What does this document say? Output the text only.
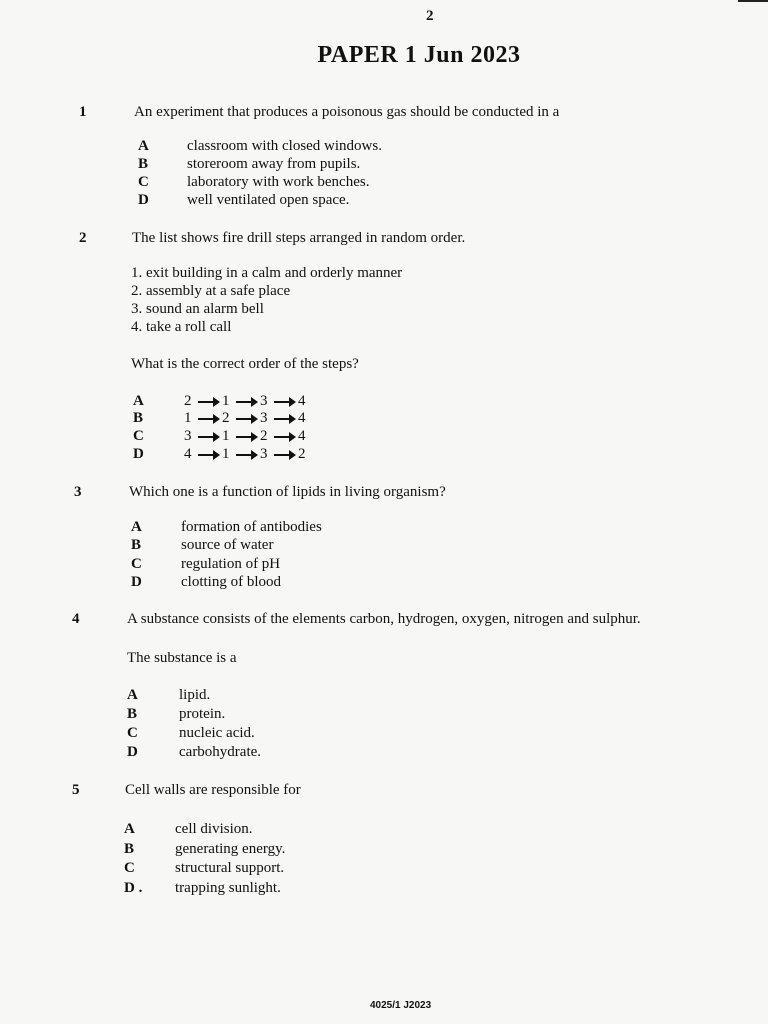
2
PAPER 1 Jun 2023
1	An experiment that produces a poisonous gas should be conducted in a
A	classroom with closed windows.
B	storeroom away from pupils.
C	laboratory with work benches.
D	well ventilated open space.
2	The list shows fire drill steps arranged in random order.
1. exit building in a calm and orderly manner
2. assembly at a safe place
3. sound an alarm bell
4. take a roll call
What is the correct order of the steps?
A	2	1	3	4
B	1	2	3	4
C	3	1	2	4
D	4	1	3	2
3	Which one is a function of lipids in living organism?
A	formation of antibodies
B	source of water
C	regulation of pH
D	clotting of blood
4	A substance consists of the elements carbon, hydrogen, oxygen, nitrogen and sulphur.
The substance is a
A	lipid.
B	protein.
C	nucleic acid.
D	carbohydrate.
5	Cell walls are responsible for
A	cell division.
B	generating energy.
C	structural support.
D . trapping sunlight.
4025/1 J2023
